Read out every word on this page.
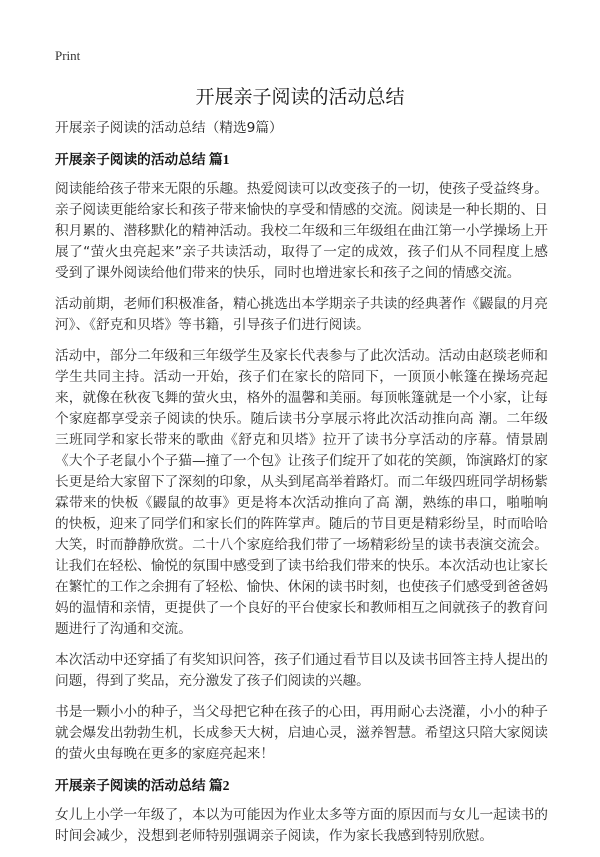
Print
开展亲子阅读的活动总结
开展亲子阅读的活动总结（精选9篇）
开展亲子阅读的活动总结 篇1

阅读能给孩子带来无限的乐趣。热爱阅读可以改变孩子的一切，使孩子受益终身。亲子阅读更能给家长和孩子带来愉快的享受和情感的交流。阅读是一种长期的、日积月累的、潜移默化的精神活动。我校二年级和三年级组在曲江第一小学操场上开展了“萤火虫亮起来”亲子共读活动，取得了一定的成效，孩子们从不同程度上感受到了课外阅读给他们带来的快乐，同时也增进家长和孩子之间的情感交流。

活动前期，老师们积极准备，精心挑选出本学期亲子共读的经典著作《鼹鼠的月亮河》、《舒克和贝塔》等书籍，引导孩子们进行阅读。

活动中，部分二年级和三年级学生及家长代表参与了此次活动。活动由赵琰老师和学生共同主持。活动一开始，孩子们在家长的陪同下，一顶顶小帐篷在操场亮起来，就像在秋夜飞舞的萤火虫，格外的温馨和美丽。每顶帐篷就是一个小家，让每个家庭都享受亲子阅读的快乐。随后读书分享展示将此次活动推向高 潮。二年级三班同学和家长带来的歌曲《舒克和贝塔》拉开了读书分享活动的序幕。情景剧《大个子老鼠小个子猫—撞了一个包》让孩子们绽开了如花的笑颜，饰演路灯的家长更是给大家留下了深刻的印象，从头到尾高举着路灯。而二年级四班同学胡杨紫霖带来的快板《鼹鼠的故事》更是将本次活动推向了高 潮，熟练的串口，啪啪响的快板，迎来了同学们和家长们的阵阵掌声。随后的节目更是精彩纷呈，时而哈哈大笑，时而静静欣赏。二十八个家庭给我们带了一场精彩纷呈的读书表演交流会。让我们在轻松、愉悦的氛围中感受到了读书给我们带来的快乐。本次活动也让家长在繁忙的工作之余拥有了轻松、愉快、休闲的读书时刻，也使孩子们感受到爸爸妈妈的温情和亲情，更提供了一个良好的平台使家长和教师相互之间就孩子的教育问题进行了沟通和交流。

本次活动中还穿插了有奖知识问答，孩子们通过看节目以及读书回答主持人提出的问题，得到了奖品，充分激发了孩子们阅读的兴趣。

书是一颗小小的种子，当父母把它种在孩子的心田，再用耐心去浇灌，小小的种子就会爆发出勃勃生机，长成参天大树，启迪心灵，滋养智慧。希望这只陪大家阅读的萤火虫每晚在更多的家庭亮起来！

开展亲子阅读的活动总结 篇2

女儿上小学一年级了，本以为可能因为作业太多等方面的原因而与女儿一起读书的时间会减少，没想到老师特别强调亲子阅读，作为家长我感到特别欣慰。
